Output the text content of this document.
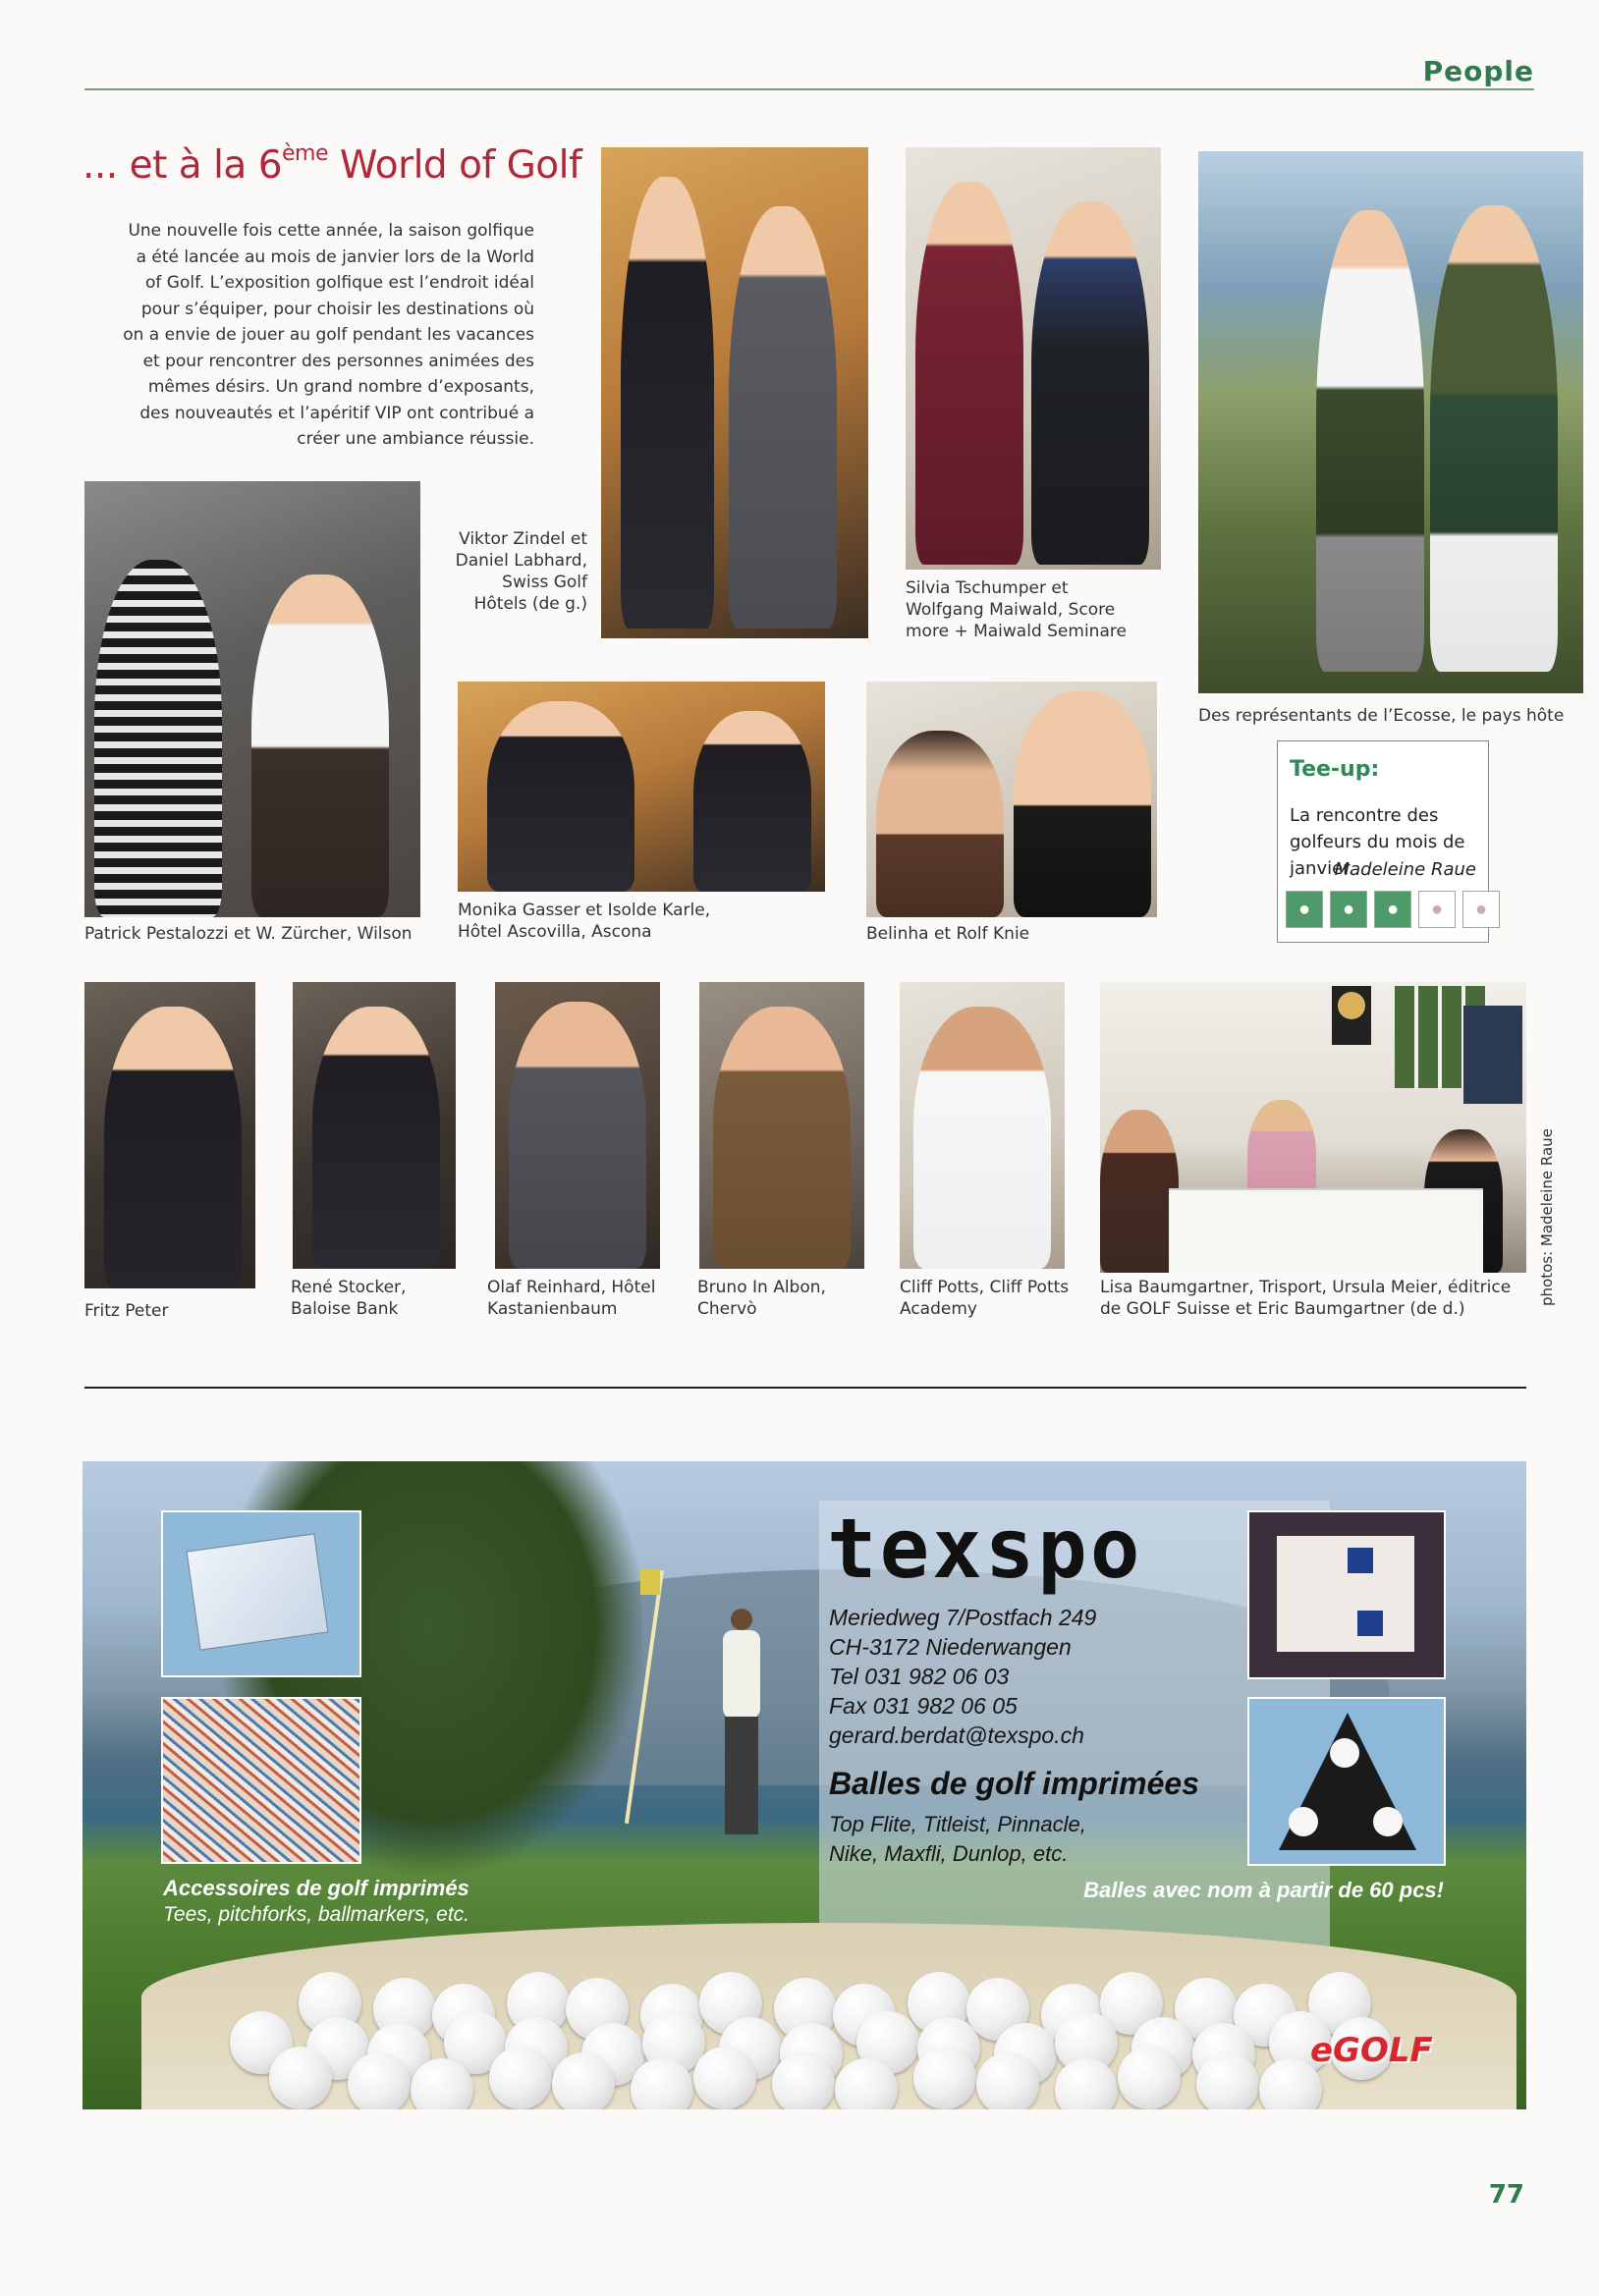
People
... et à la 6ème World of Golf
Une nouvelle fois cette année, la saison golfique a été lancée au mois de janvier lors de la World of Golf. L’exposition golfique est l’endroit idéal pour s’équiper, pour choisir les destinations où on a envie de jouer au golf pendant les vacances et pour rencontrer des personnes animées des mêmes désirs. Un grand nombre d’exposants, des nouveautés et l’apéritif VIP ont contribué a créer une ambiance réussie.
Viktor Zindel et Daniel Labhard, Swiss Golf Hôtels (de g.)
Silvia Tschumper et Wolfgang Maiwald, Score more + Maiwald Seminare
Des représentants de l’Ecosse, le pays hôte
Patrick Pestalozzi et W. Zürcher, Wilson
Monika Gasser et Isolde Karle, Hôtel Ascovilla, Ascona	Belinha et Rolf Knie
Tee-up:
La rencontre des golfeurs du mois de janvier.
Madeleine Raue
●	●	●	●	●
Fritz Peter
René Stocker, Baloise Bank
Olaf Reinhard, Hôtel Kastanienbaum
Bruno In Albon, Chervò
Cliff Potts, Cliff Potts Academy
Lisa Baumgartner, Trisport, Ursula Meier, éditrice de GOLF Suisse et Eric Baumgartner (de d.)
photos: Madeleine Raue
texspo
Meriedweg 7/Postfach 249
CH-3172 Niederwangen
Tel 031 982 06 03
Fax 031 982 06 05
gerard.berdat@texspo.ch
Balles de golf imprimées
Top Flite, Titleist, Pinnacle,
Nike, Maxfli, Dunlop, etc.
Accessoires de golf imprimés
Tees, pitchforks, ballmarkers, etc.
Balles avec nom à partir de 60 pcs!
eGOLF
77
